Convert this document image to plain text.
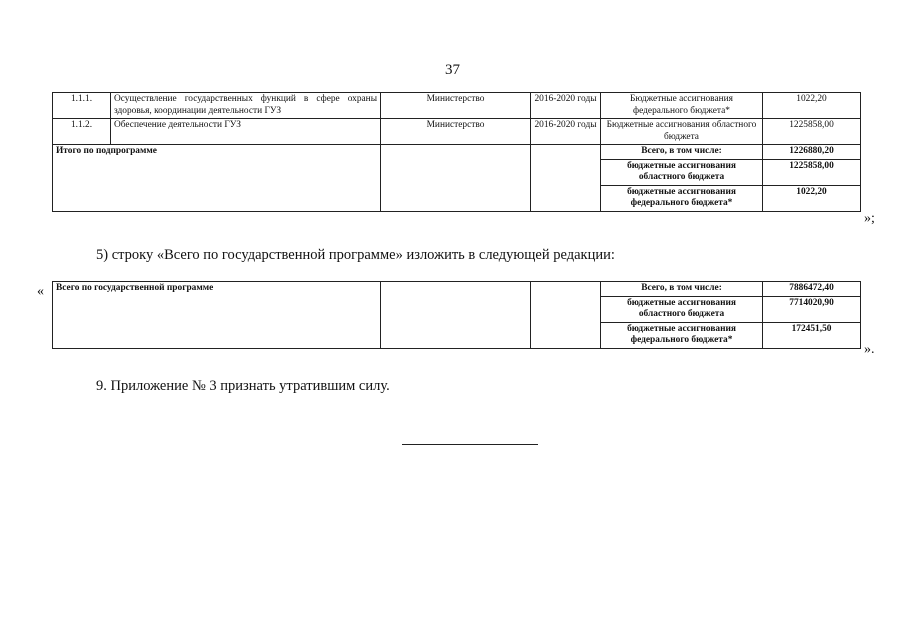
37
1.1.1.	Осуществление государственных функций в сфере охраны здоровья, координации деятельности ГУЗ	Министерство	2016-2020 годы	Бюджетные ассигнования федерального бюджета*	1022,20
1.1.2.	Обеспечение деятельности ГУЗ	Министерство	2016-2020 годы	Бюджетные ассигнования областного бюджета	1225858,00
Итого по подпрограмме				Всего, в том числе:	1226880,20
				бюджетные ассигнования областного бюджета	1225858,00
				бюджетные ассигнования федерального бюджета*	1022,20
»;
5) строку «Всего по государственной программе» изложить в следующей редакции:
« Всего по государственной программе			Всего, в том числе:	7886472,40
			бюджетные ассигнования областного бюджета	7714020,90
			бюджетные ассигнования федерального бюджета*	172451,50
».
9. Приложение № 3 признать утратившим силу.
